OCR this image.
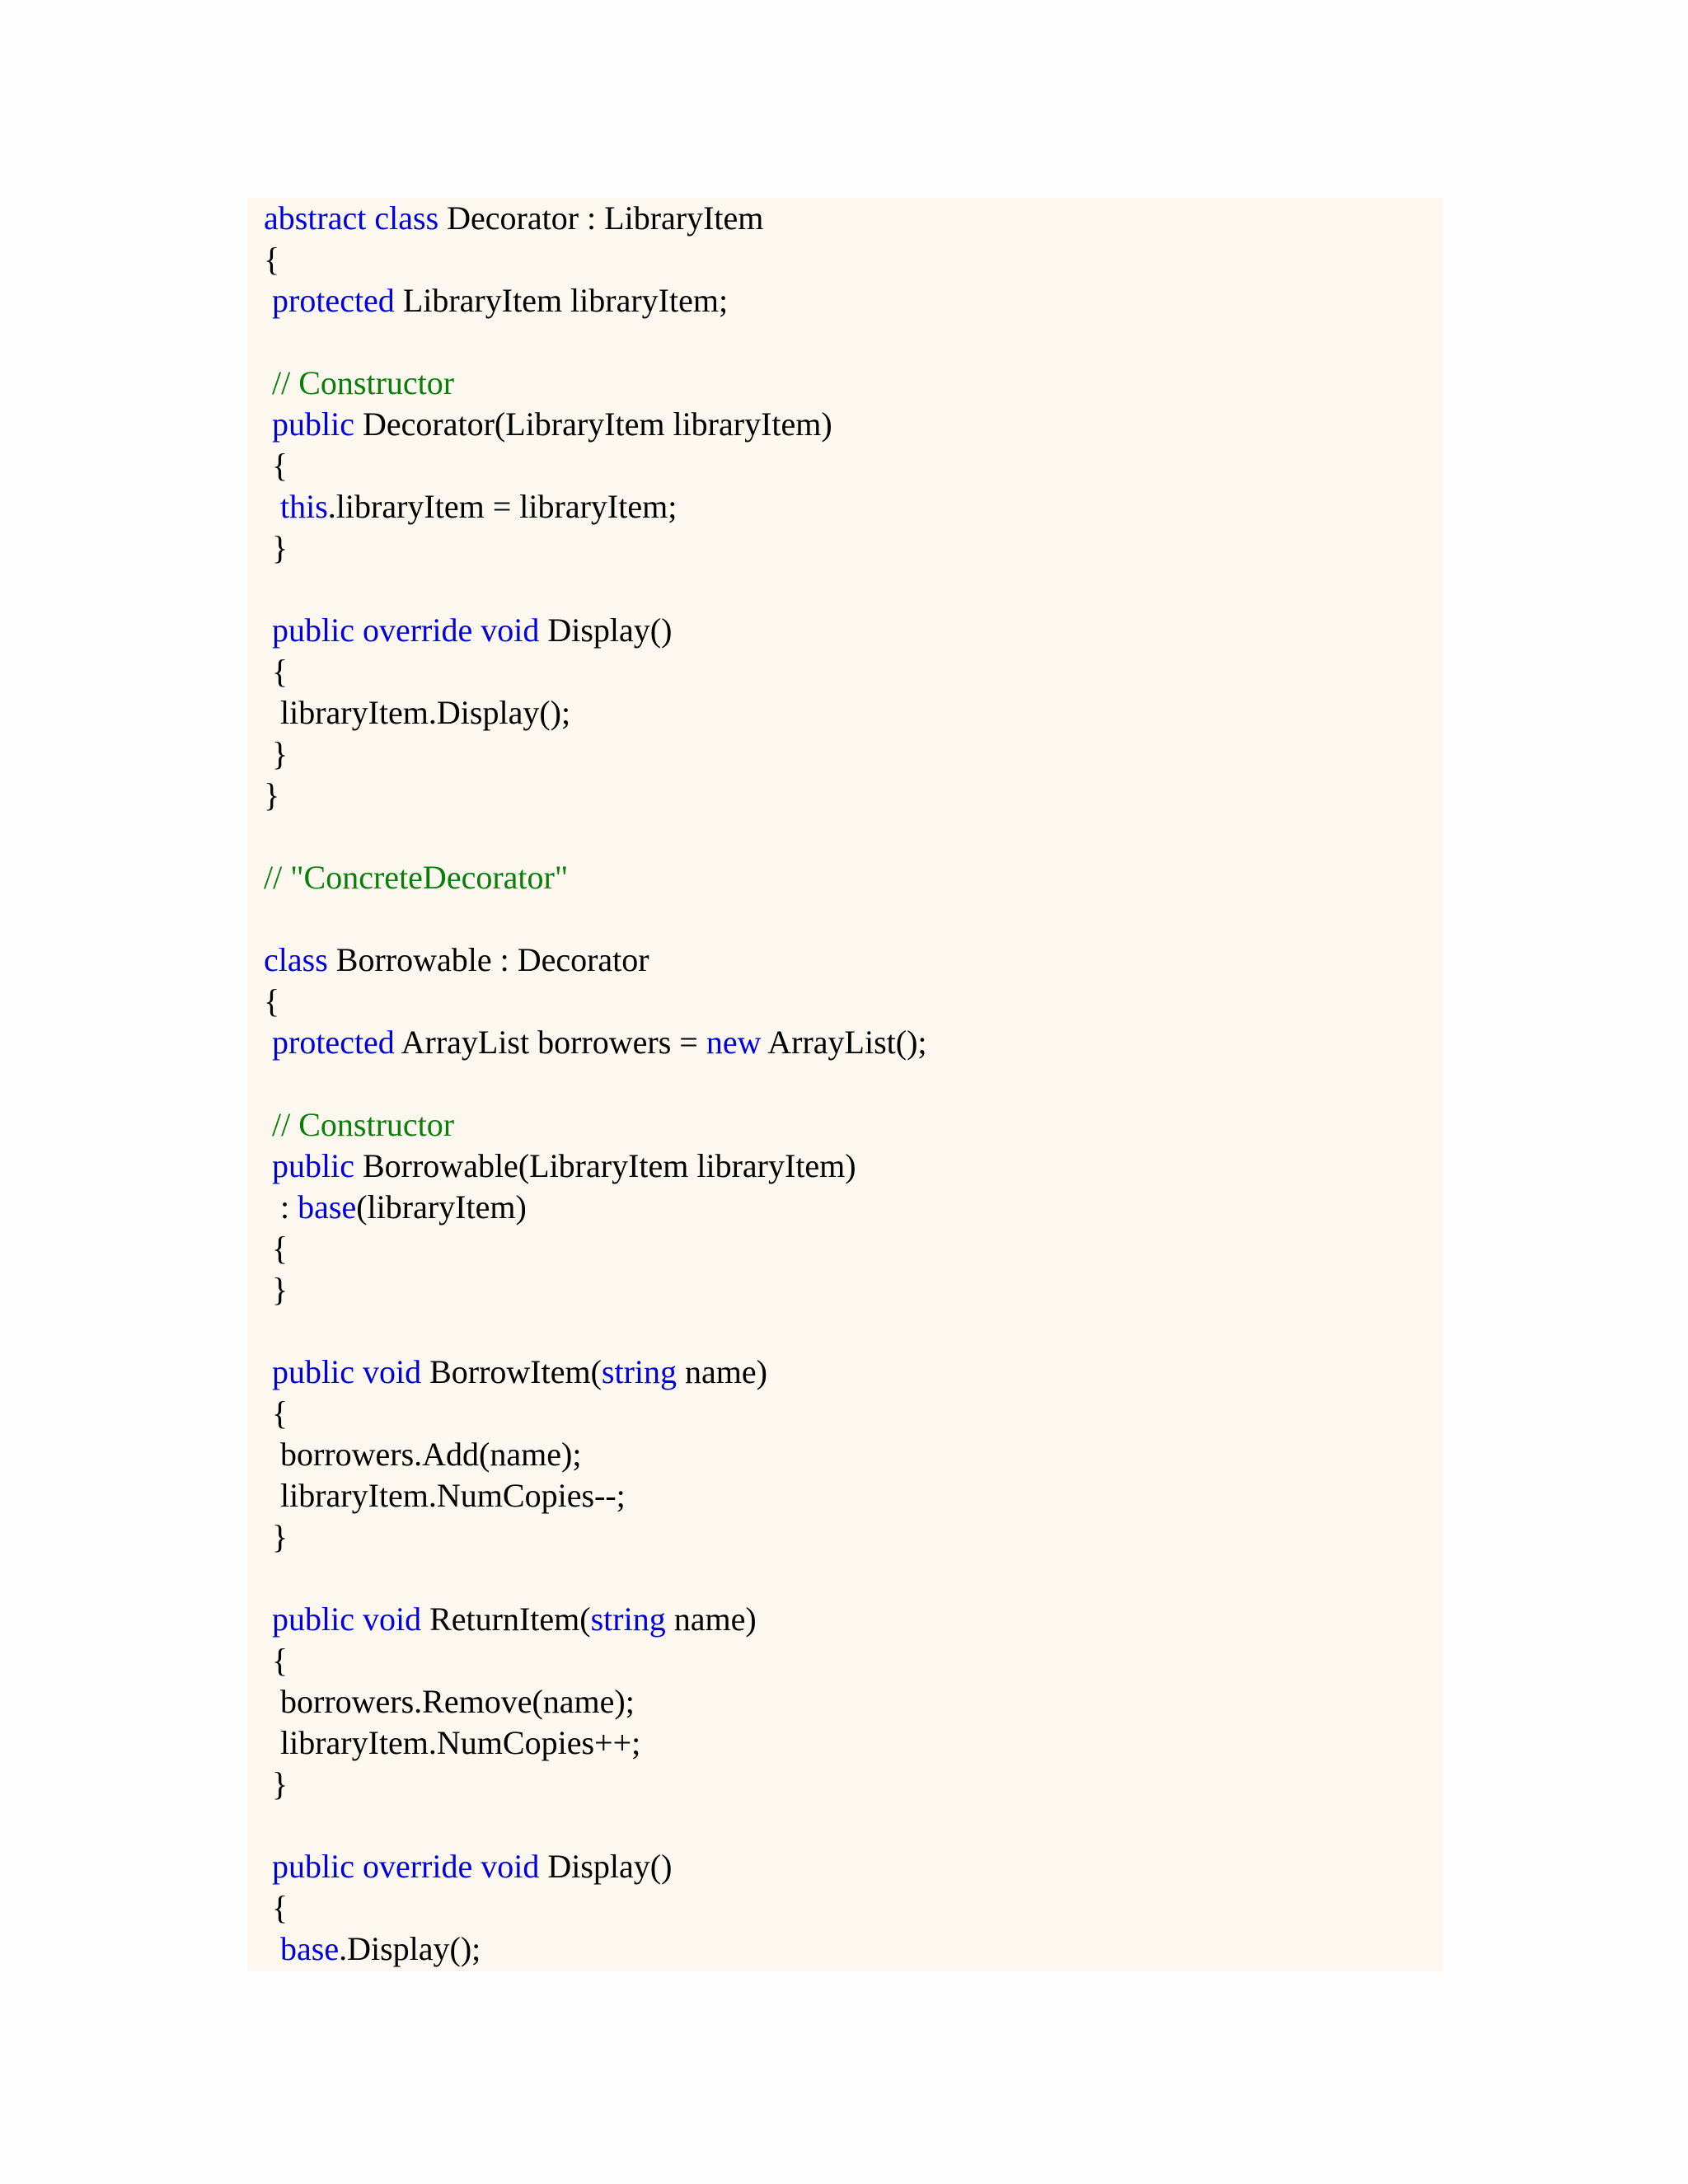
abstract class Decorator : LibraryItem
{
protected LibraryItem libraryItem;
// Constructor
public Decorator(LibraryItem libraryItem)
{
this.libraryItem = libraryItem;
}
public override void Display()
{
libraryItem.Display();
}
}
// "ConcreteDecorator"
class Borrowable : Decorator
{
protected ArrayList borrowers = new ArrayList();
// Constructor
public Borrowable(LibraryItem libraryItem)
: base(libraryItem)
{
}
public void BorrowItem(string name)
{
borrowers.Add(name);
libraryItem.NumCopies--;
}
public void ReturnItem(string name)
{
borrowers.Remove(name);
libraryItem.NumCopies++;
}
public override void Display()
{
base.Display();
